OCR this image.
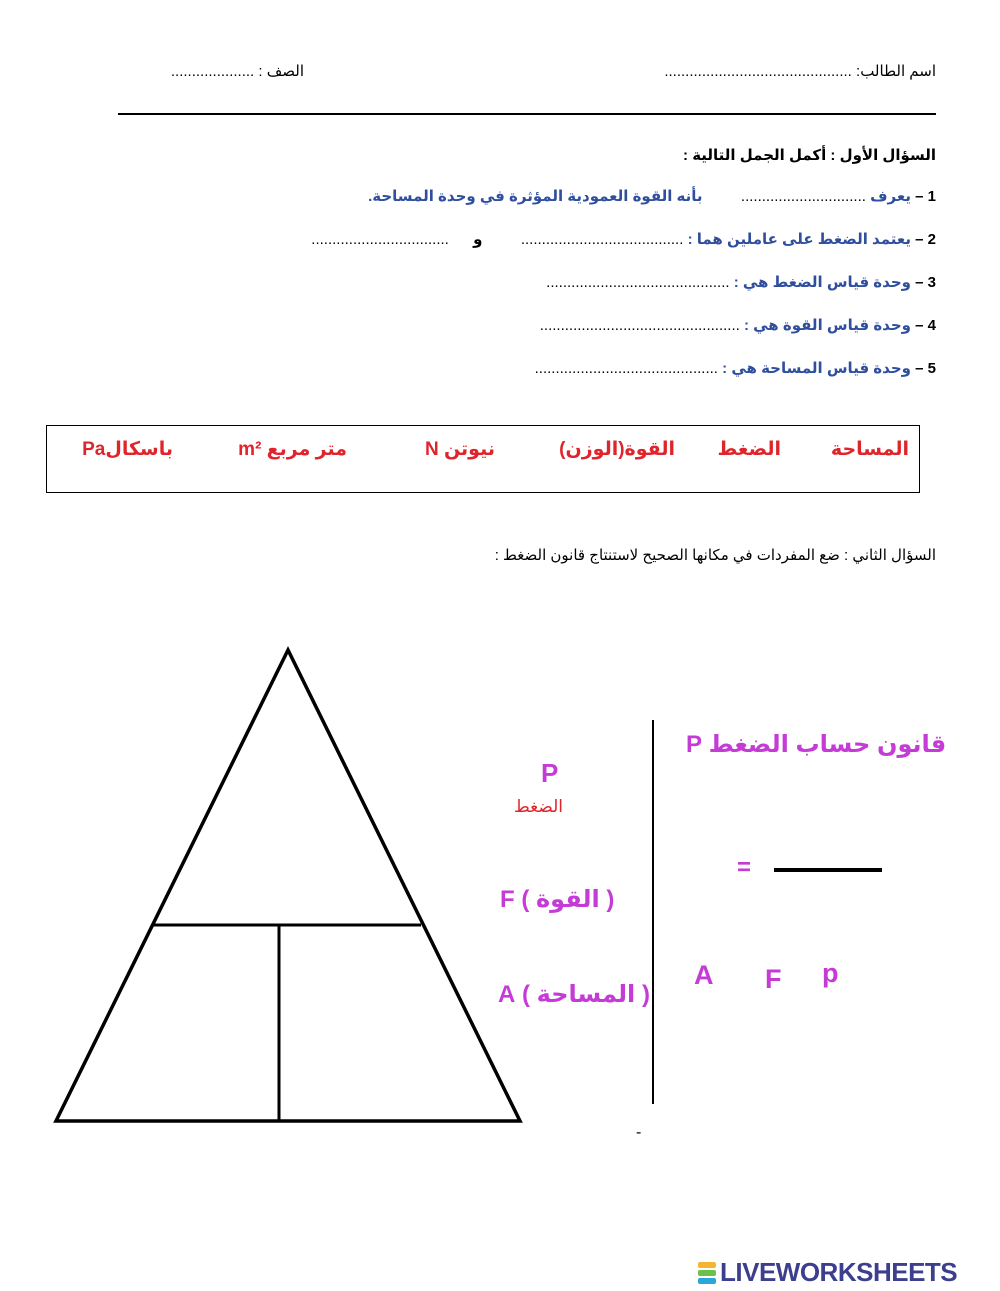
اسم الطالب: .............................................
الصف : ....................
السؤال الأول : أكمل الجمل التالية :
1 – يعرف ..............................  بأنه القوة العمودية المؤثرة في وحدة المساحة.
2 – يعتمد الضغط على عاملين هما : .......................................  و  .................................
3 – وحدة قياس الضغط هي : ............................................
4 – وحدة قياس القوة هي : ................................................
5 – وحدة قياس المساحة هي : ............................................
المساحة
الضغط
القوة(الوزن)
نيوتن N
متر مربع m²
باسكالPa
السؤال الثاني : ضع المفردات في مكانها الصحيح لاستنتاج قانون الضغط :
P
الضغط
( القوة ) F
( المساحة ) A
قانون حساب الضغط P
=
A F p
-
LIVEWORKSHEETS
